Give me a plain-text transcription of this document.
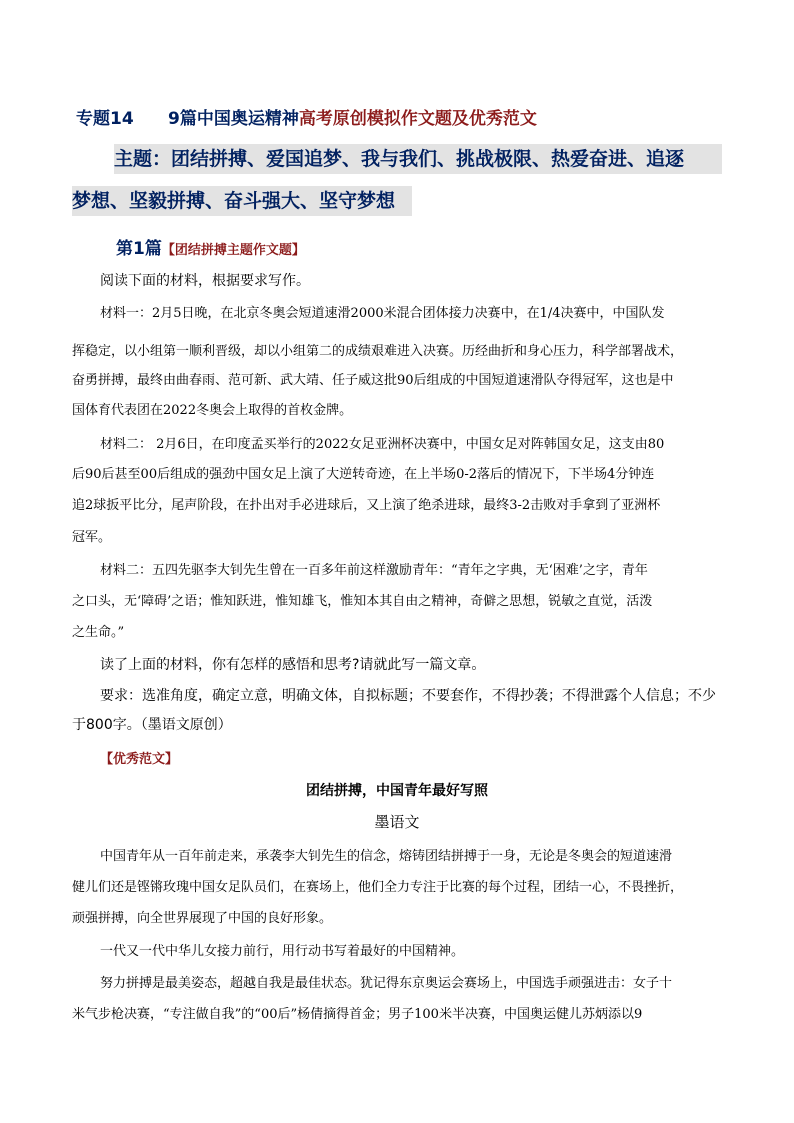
专题14 9篇中国奥运精神高考原创模拟作文题及优秀范文
主题：团结拼搏、爱国追梦、我与我们、挑战极限、热爱奋进、追逐
梦想、坚毅拼搏、奋斗强大、坚守梦想
第1篇【团结拼搏主题作文题】
阅读下面的材料，根据要求写作。
材料一：2月5日晚，在北京冬奥会短道速滑2000米混合团体接力决赛中，在1/4决赛中，中国队发
挥稳定，以小组第一顺利晋级，却以小组第二的成绩艰难进入决赛。历经曲折和身心压力，科学部署战术，
奋勇拼搏，最终由曲春雨、范可新、武大靖、任子威这批90后组成的中国短道速滑队夺得冠军，这也是中
国体育代表团在2022冬奥会上取得的首枚金牌。
材料二： 2月6日，在印度孟买举行的2022女足亚洲杯决赛中，中国女足对阵韩国女足，这支由80
后90后甚至00后组成的强劲中国女足上演了大逆转奇迹，在上半场0-2落后的情况下，下半场4分钟连
追2球扳平比分，尾声阶段，在扑出对手必进球后，又上演了绝杀进球，最终3-2击败对手拿到了亚洲杯
冠军。
材料二：五四先驱李大钊先生曾在一百多年前这样激励青年：“青年之字典，无‘困难’之字，青年
之口头，无‘障碍’之语；惟知跃进，惟知雄飞，惟知本其自由之精神，奇僻之思想，锐敏之直觉，活泼
之生命。”
读了上面的材料，你有怎样的感悟和思考?请就此写一篇文章。
要求：选准角度，确定立意，明确文体，自拟标题；不要套作，不得抄袭；不得泄露个人信息；不少
于800字。（墨语文原创）
【优秀范文】
团结拼搏，中国青年最好写照
墨语文
中国青年从一百年前走来，承袭李大钊先生的信念，熔铸团结拼搏于一身，无论是冬奥会的短道速滑
健儿们还是铿锵玫瑰中国女足队员们，在赛场上，他们全力专注于比赛的每个过程，团结一心，不畏挫折，
顽强拼搏，向全世界展现了中国的良好形象。
一代又一代中华儿女接力前行，用行动书写着最好的中国精神。
努力拼搏是最美姿态，超越自我是最佳状态。犹记得东京奥运会赛场上，中国选手顽强进击：女子十
米气步枪决赛，“专注做自我”的“00后”杨倩摘得首金；男子100米半决赛，中国奥运健儿苏炳添以9
